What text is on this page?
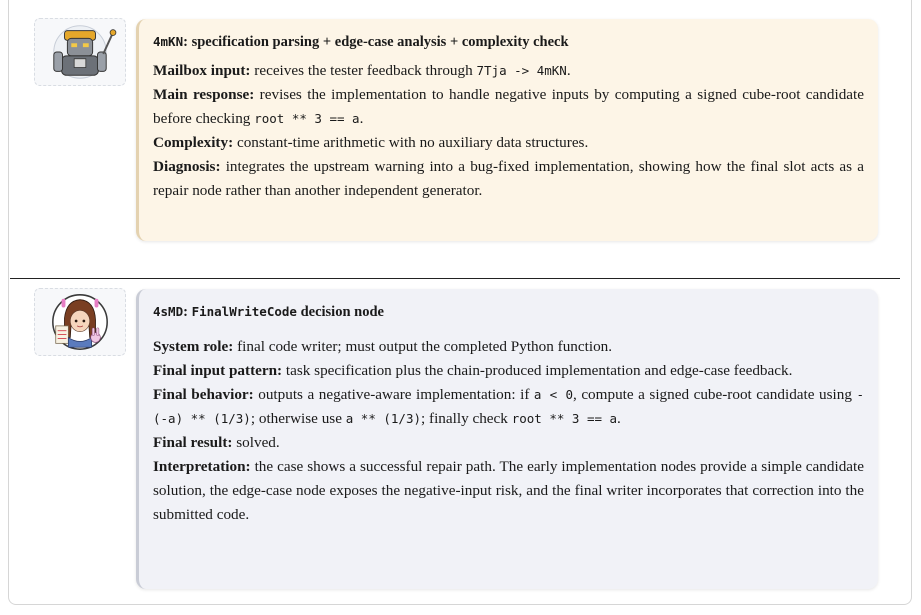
4mKN: specification parsing + edge-case analysis + complexity check

Mailbox input: receives the tester feedback through 7Tja -> 4mKN.

Main response: revises the implementation to handle negative inputs by computing a signed cube-root candidate before checking root ** 3 == a.

Complexity: constant-time arithmetic with no auxiliary data structures.

Diagnosis: integrates the upstream warning into a bug-fixed implementation, showing how the final slot acts as a repair node rather than another independent generator.

4sMD: FinalWriteCode decision node

System role: final code writer; must output the completed Python function.

Final input pattern: task specification plus the chain-produced implementation and edge-case feedback.

Final behavior: outputs a negative-aware implementation: if a < 0, compute a signed cube-root candidate using -(-a) ** (1/3); otherwise use a ** (1/3); finally check root ** 3 == a.

Final result: solved.

Interpretation: the case shows a successful repair path. The early implementation nodes provide a simple candidate solution, the edge-case node exposes the negative-input risk, and the final writer incorporates that correction into the submitted code.
